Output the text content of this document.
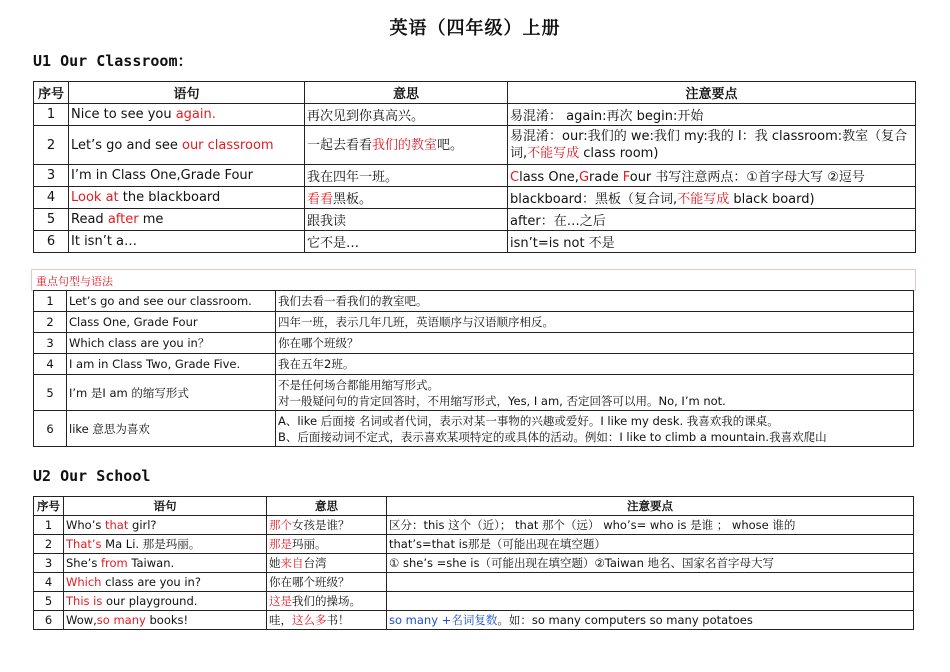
英语（四年级）上册
U1 Our Classroom：
序号	语句	意思	注意要点
1	Nice to see you again.	再次见到你真高兴。	易混淆： again:再次 begin:开始
2	Let’s go and see our classroom	一起去看看我们的教室吧。	易混淆：our:我们的 we:我们 my:我的 I：我 classroom:教室（复合词,不能写成 class room)
3	I’m in Class One,Grade Four	我在四年一班。	Class One,Grade Four 书写注意两点：①首字母大写 ②逗号
4	Look at the blackboard	看看黑板。	blackboard：黑板（复合词,不能写成 black board)
5	Read after me	跟我读	after：在…之后
6	It isn’t a…	它不是…	isn’t=is not 不是
重点句型与语法
1	Let’s go and see our classroom.	我们去看一看我们的教室吧。
2	Class One, Grade Four	四年一班，表示几年几班，英语顺序与汉语顺序相反。
3	Which class are you in？	你在哪个班级？
4	I am in Class Two, Grade Five.	我在五年2班。
5	I’m 是I am 的缩写形式	不是任何场合都能用缩写形式。
对一般疑问句的肯定回答时，不用缩写形式，Yes, I am, 否定回答可以用。No, I’m not.
6	like 意思为喜欢	A、like 后面接 名词或者代词，表示对某一事物的兴趣或爱好。I like my desk. 我喜欢我的课桌。
B、后面接动词不定式，表示喜欢某项特定的或具体的活动。例如：I like to climb a mountain.我喜欢爬山
U2 Our School
序号	语句	意思	注意要点
1	Who’s that girl?	那个女孩是谁？	区分：this 这个（近）； that 那个（远） who’s= who is 是谁 ； whose 谁的
2	That’s Ma Li. 那是玛丽。	那是玛丽。	that’s=that is那是（可能出现在填空题）
3	She’s from Taiwan.	她来自台湾	① she’s =she is（可能出现在填空题）②Taiwan 地名、国家名首字母大写
4	Which class are you in?	你在哪个班级？	
5	This is our playground.	这是我们的操场。	
6	Wow,so many books!	哇，这么多书！	so many +名词复数。如：so many computers so many potatoes
